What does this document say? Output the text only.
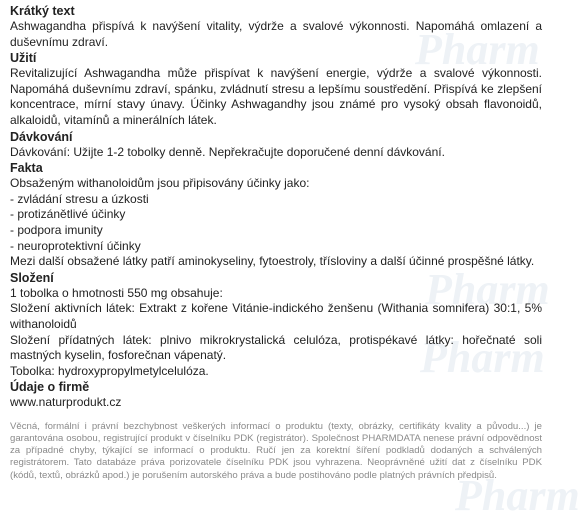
Pharm
Pharm
Pharm
Pharm

Krátký text

Ashwagandha přispívá k navýšení vitality, výdrže a svalové výkonnosti. Napomáhá omlazení a duševnímu zdraví.

Užití

Revitalizující Ashwagandha může přispívat k navýšení energie, výdrže a svalové výkonnosti. Napomáhá duševnímu zdraví, spánku, zvládnutí stresu a lepšímu soustředění. Přispívá ke zlepšení koncentrace, mírní stavy únavy. Účinky Ashwagandhy jsou známé pro vysoký obsah flavonoidů, alkaloidů, vitamínů a minerálních látek.

Dávkování

Dávkování: Užijte 1-2 tobolky denně. Nepřekračujte doporučené denní dávkování.

Fakta

Obsaženým withanoloidům jsou připisovány účinky jako:

- zvládání stresu a úzkosti
- protizánětlivé účinky
- podpora imunity
- neuroprotektivní účinky

Mezi další obsažené látky patří aminokyseliny, fytoestroly, třísloviny a další účinné prospěšné látky.

Složení

1 tobolka o hmotnosti 550 mg obsahuje:

Složení aktivních látek: Extrakt z kořene Vitánie-indického ženšenu (Withania somnifera) 30:1, 5% withanoloidů

Složení přídatných látek: plnivo mikrokrystalická celulóza, protispékavé látky: hořečnaté soli mastných kyselin, fosforečnan vápenatý.

Tobolka: hydroxypropylmetylcelulóza.

Údaje o firmě

www.naturprodukt.cz

Věcná, formální i právní bezchybnost veškerých informací o produktu (texty, obrázky, certifikáty kvality a původu...) je garantována osobou, registrující produkt v číselníku PDK (registrátor). Společnost PHARMDATA nenese právní odpovědnost za případné chyby, týkající se informací o produktu. Ručí jen za korektní šíření podkladů dodaných a schválených registrátorem. Tato databáze práva porizovatele číselníku PDK jsou vyhrazena. Neoprávněné užití dat z číselníku PDK (kódů, textů, obrázků apod.) je porušením autorského práva a bude postihováno podle platných právních předpisů.
